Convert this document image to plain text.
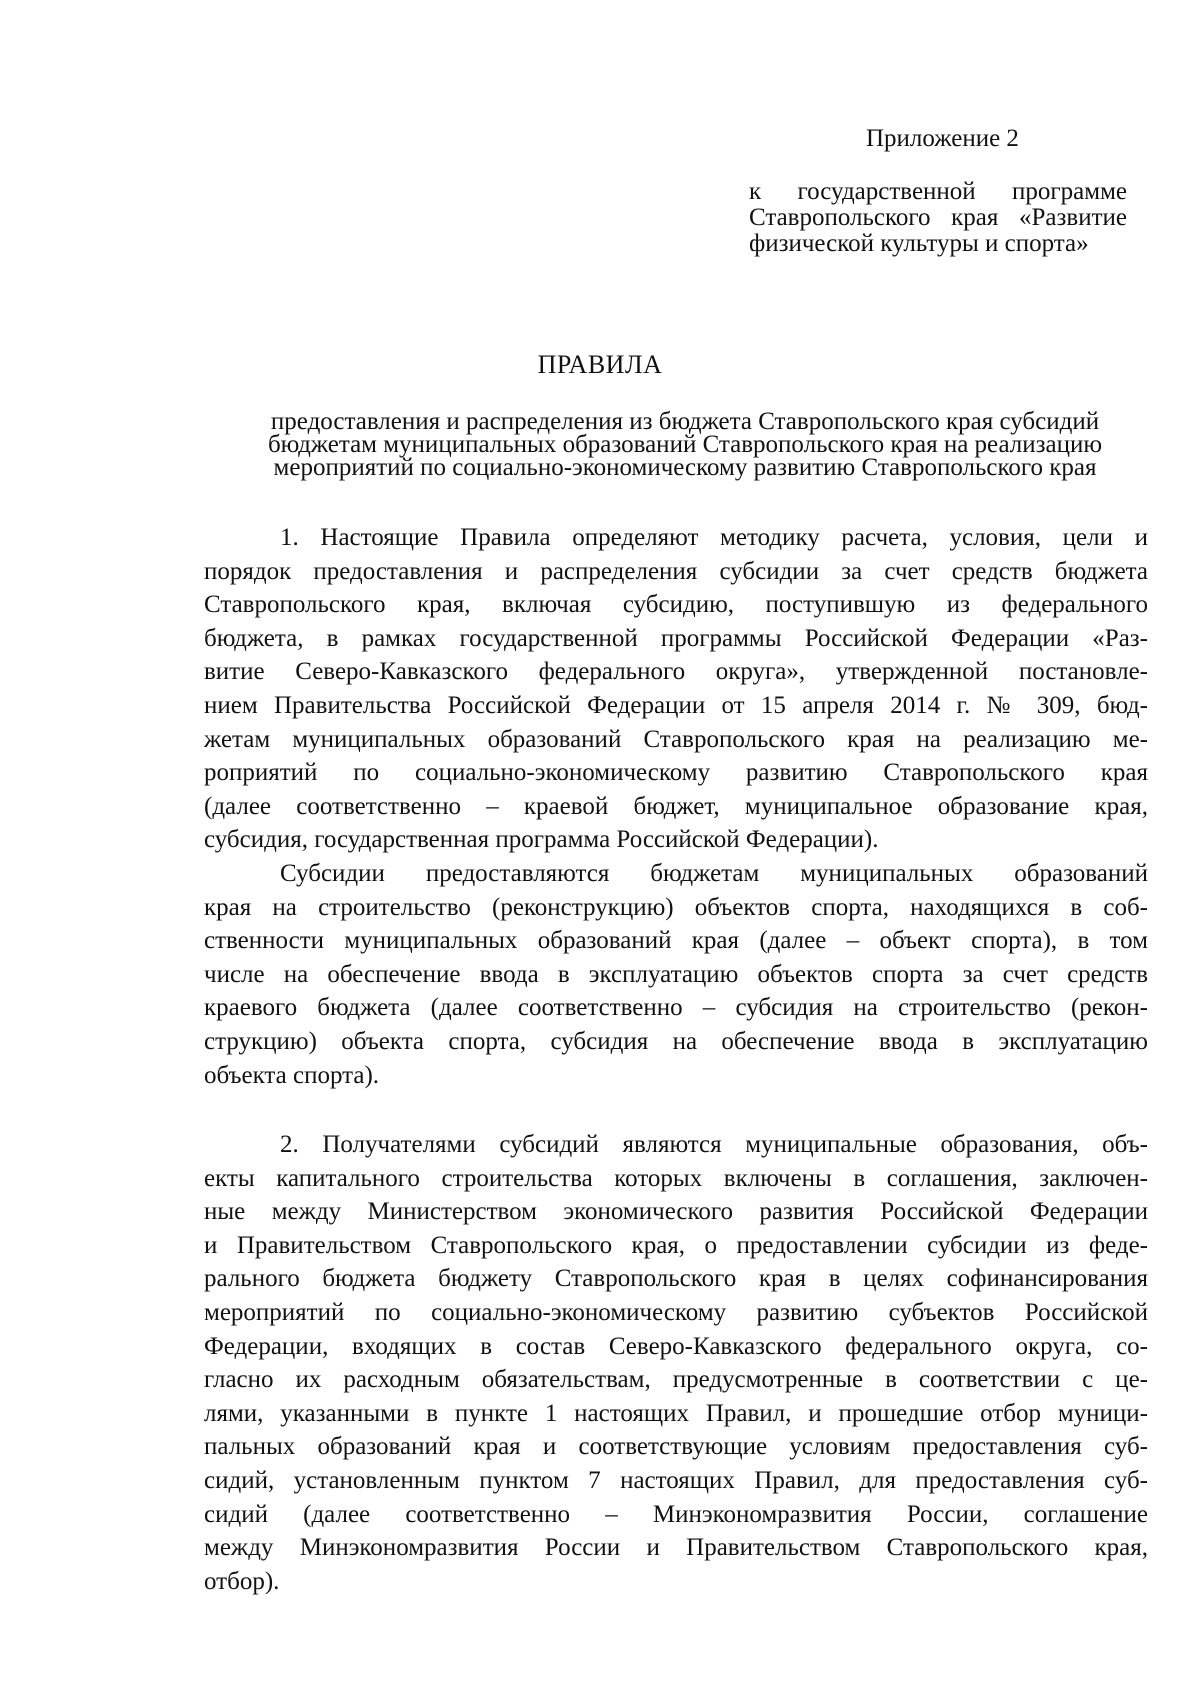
Приложение 2
к государственной программе
Ставропольского края «Развитие
физической культуры и спорта»
ПРАВИЛА
предоставления и распределения из бюджета Ставропольского края субсидий
бюджетам муниципальных образований Ставропольского края на реализацию
мероприятий по социально-экономическому развитию Ставропольского края
1. Настоящие Правила определяют методику расчета, условия, цели и
порядок предоставления и распределения субсидии за счет средств бюджета
Ставропольского края, включая субсидию, поступившую из федерального
бюджета, в рамках государственной программы Российской Федерации «Раз-
витие Северо-Кавказского федерального округа», утвержденной постановле-
нием Правительства Российской Федерации от 15 апреля 2014 г. № 309, бюд-
жетам муниципальных образований Ставропольского края на реализацию ме-
роприятий по социально-экономическому развитию Ставропольского края
(далее соответственно – краевой бюджет, муниципальное образование края,
субсидия, государственная программа Российской Федерации).
Субсидии предоставляются бюджетам муниципальных образований
края на строительство (реконструкцию) объектов спорта, находящихся в соб-
ственности муниципальных образований края (далее – объект спорта), в том
числе на обеспечение ввода в эксплуатацию объектов спорта за счет средств
краевого бюджета (далее соответственно – субсидия на строительство (рекон-
струкцию) объекта спорта, субсидия на обеспечение ввода в эксплуатацию
объекта спорта).
2. Получателями субсидий являются муниципальные образования, объ-
екты капитального строительства которых включены в соглашения, заключен-
ные между Министерством экономического развития Российской Федерации
и Правительством Ставропольского края, о предоставлении субсидии из феде-
рального бюджета бюджету Ставропольского края в целях софинансирования
мероприятий по социально-экономическому развитию субъектов Российской
Федерации, входящих в состав Северо-Кавказского федерального округа, со-
гласно их расходным обязательствам, предусмотренные в соответствии с це-
лями, указанными в пункте 1 настоящих Правил, и прошедшие отбор муници-
пальных образований края и соответствующие условиям предоставления суб-
сидий, установленным пунктом 7 настоящих Правил, для предоставления суб-
сидий (далее соответственно – Минэкономразвития России, соглашение
между Минэкономразвития России и Правительством Ставропольского края,
отбор).
